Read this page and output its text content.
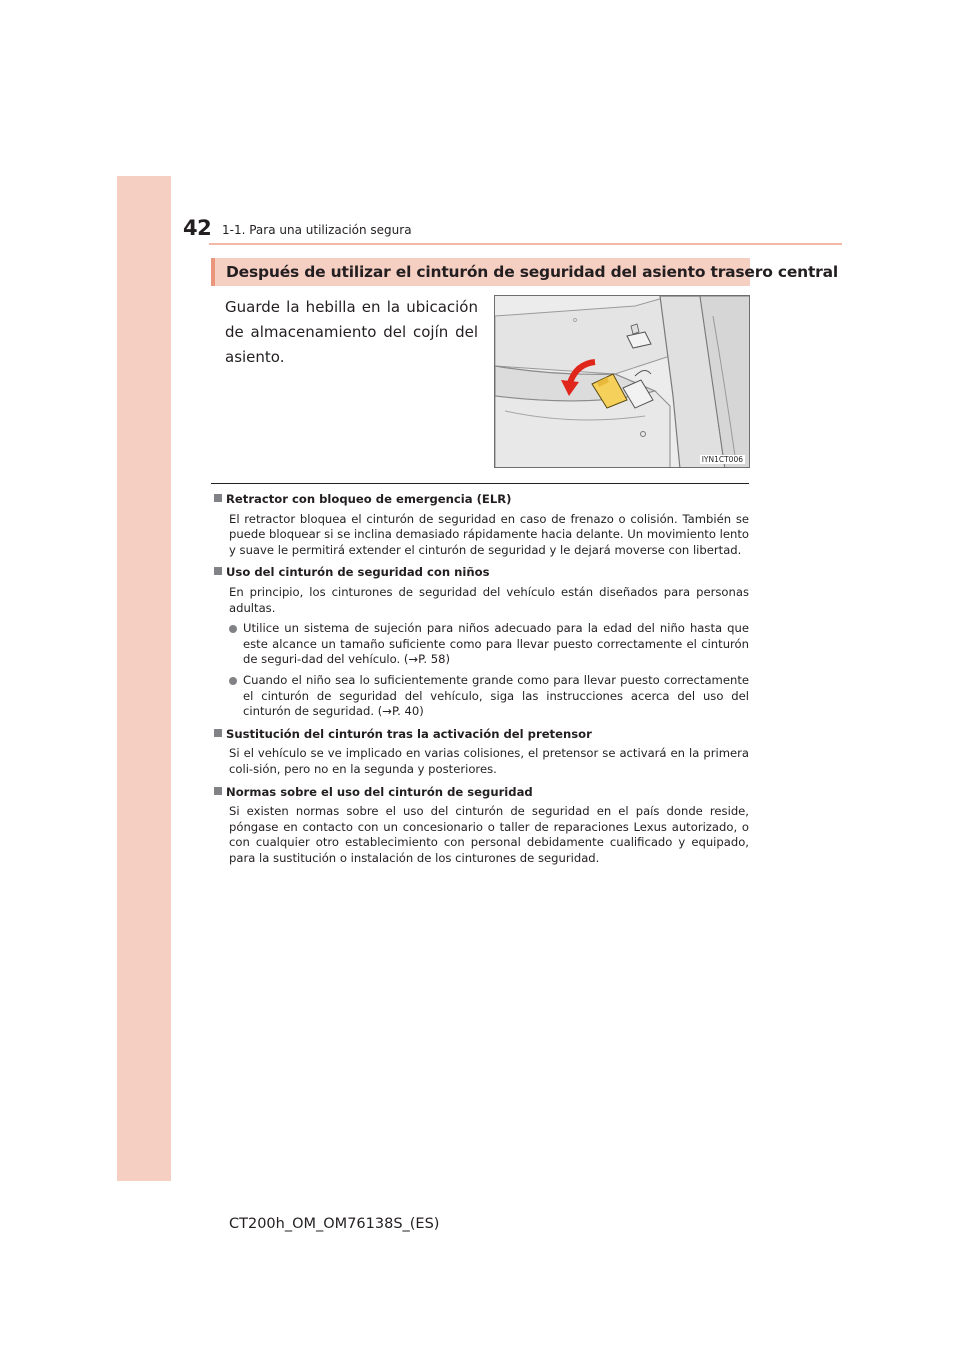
42 1-1. Para una utilización segura
Después de utilizar el cinturón de seguridad del asiento trasero central
Guarde la hebilla en la ubicación de almacenamiento del cojín del asiento.
IYN1CT006

Retractor con bloqueo de emergencia (ELR)

El retractor bloquea el cinturón de seguridad en caso de frenazo o colisión. También se puede bloquear si se inclina demasiado rápidamente hacia delante. Un movimiento lento y suave le permitirá extender el cinturón de seguridad y le dejará moverse con libertad.

Uso del cinturón de seguridad con niños

En principio, los cinturones de seguridad del vehículo están diseñados para personas adultas.

Utilice un sistema de sujeción para niños adecuado para la edad del niño hasta que este alcance un tamaño suficiente como para llevar puesto correctamente el cinturón de seguri-dad del vehículo. (→P. 58)

Cuando el niño sea lo suficientemente grande como para llevar puesto correctamente el cinturón de seguridad del vehículo, siga las instrucciones acerca del uso del cinturón de seguridad. (→P. 40)

Sustitución del cinturón tras la activación del pretensor

Si el vehículo se ve implicado en varias colisiones, el pretensor se activará en la primera coli-sión, pero no en la segunda y posteriores.

Normas sobre el uso del cinturón de seguridad

Si existen normas sobre el uso del cinturón de seguridad en el país donde reside, póngase en contacto con un concesionario o taller de reparaciones Lexus autorizado, o con cualquier otro establecimiento con personal debidamente cualificado y equipado, para la sustitución o instalación de los cinturones de seguridad.

CT200h_OM_OM76138S_(ES)
